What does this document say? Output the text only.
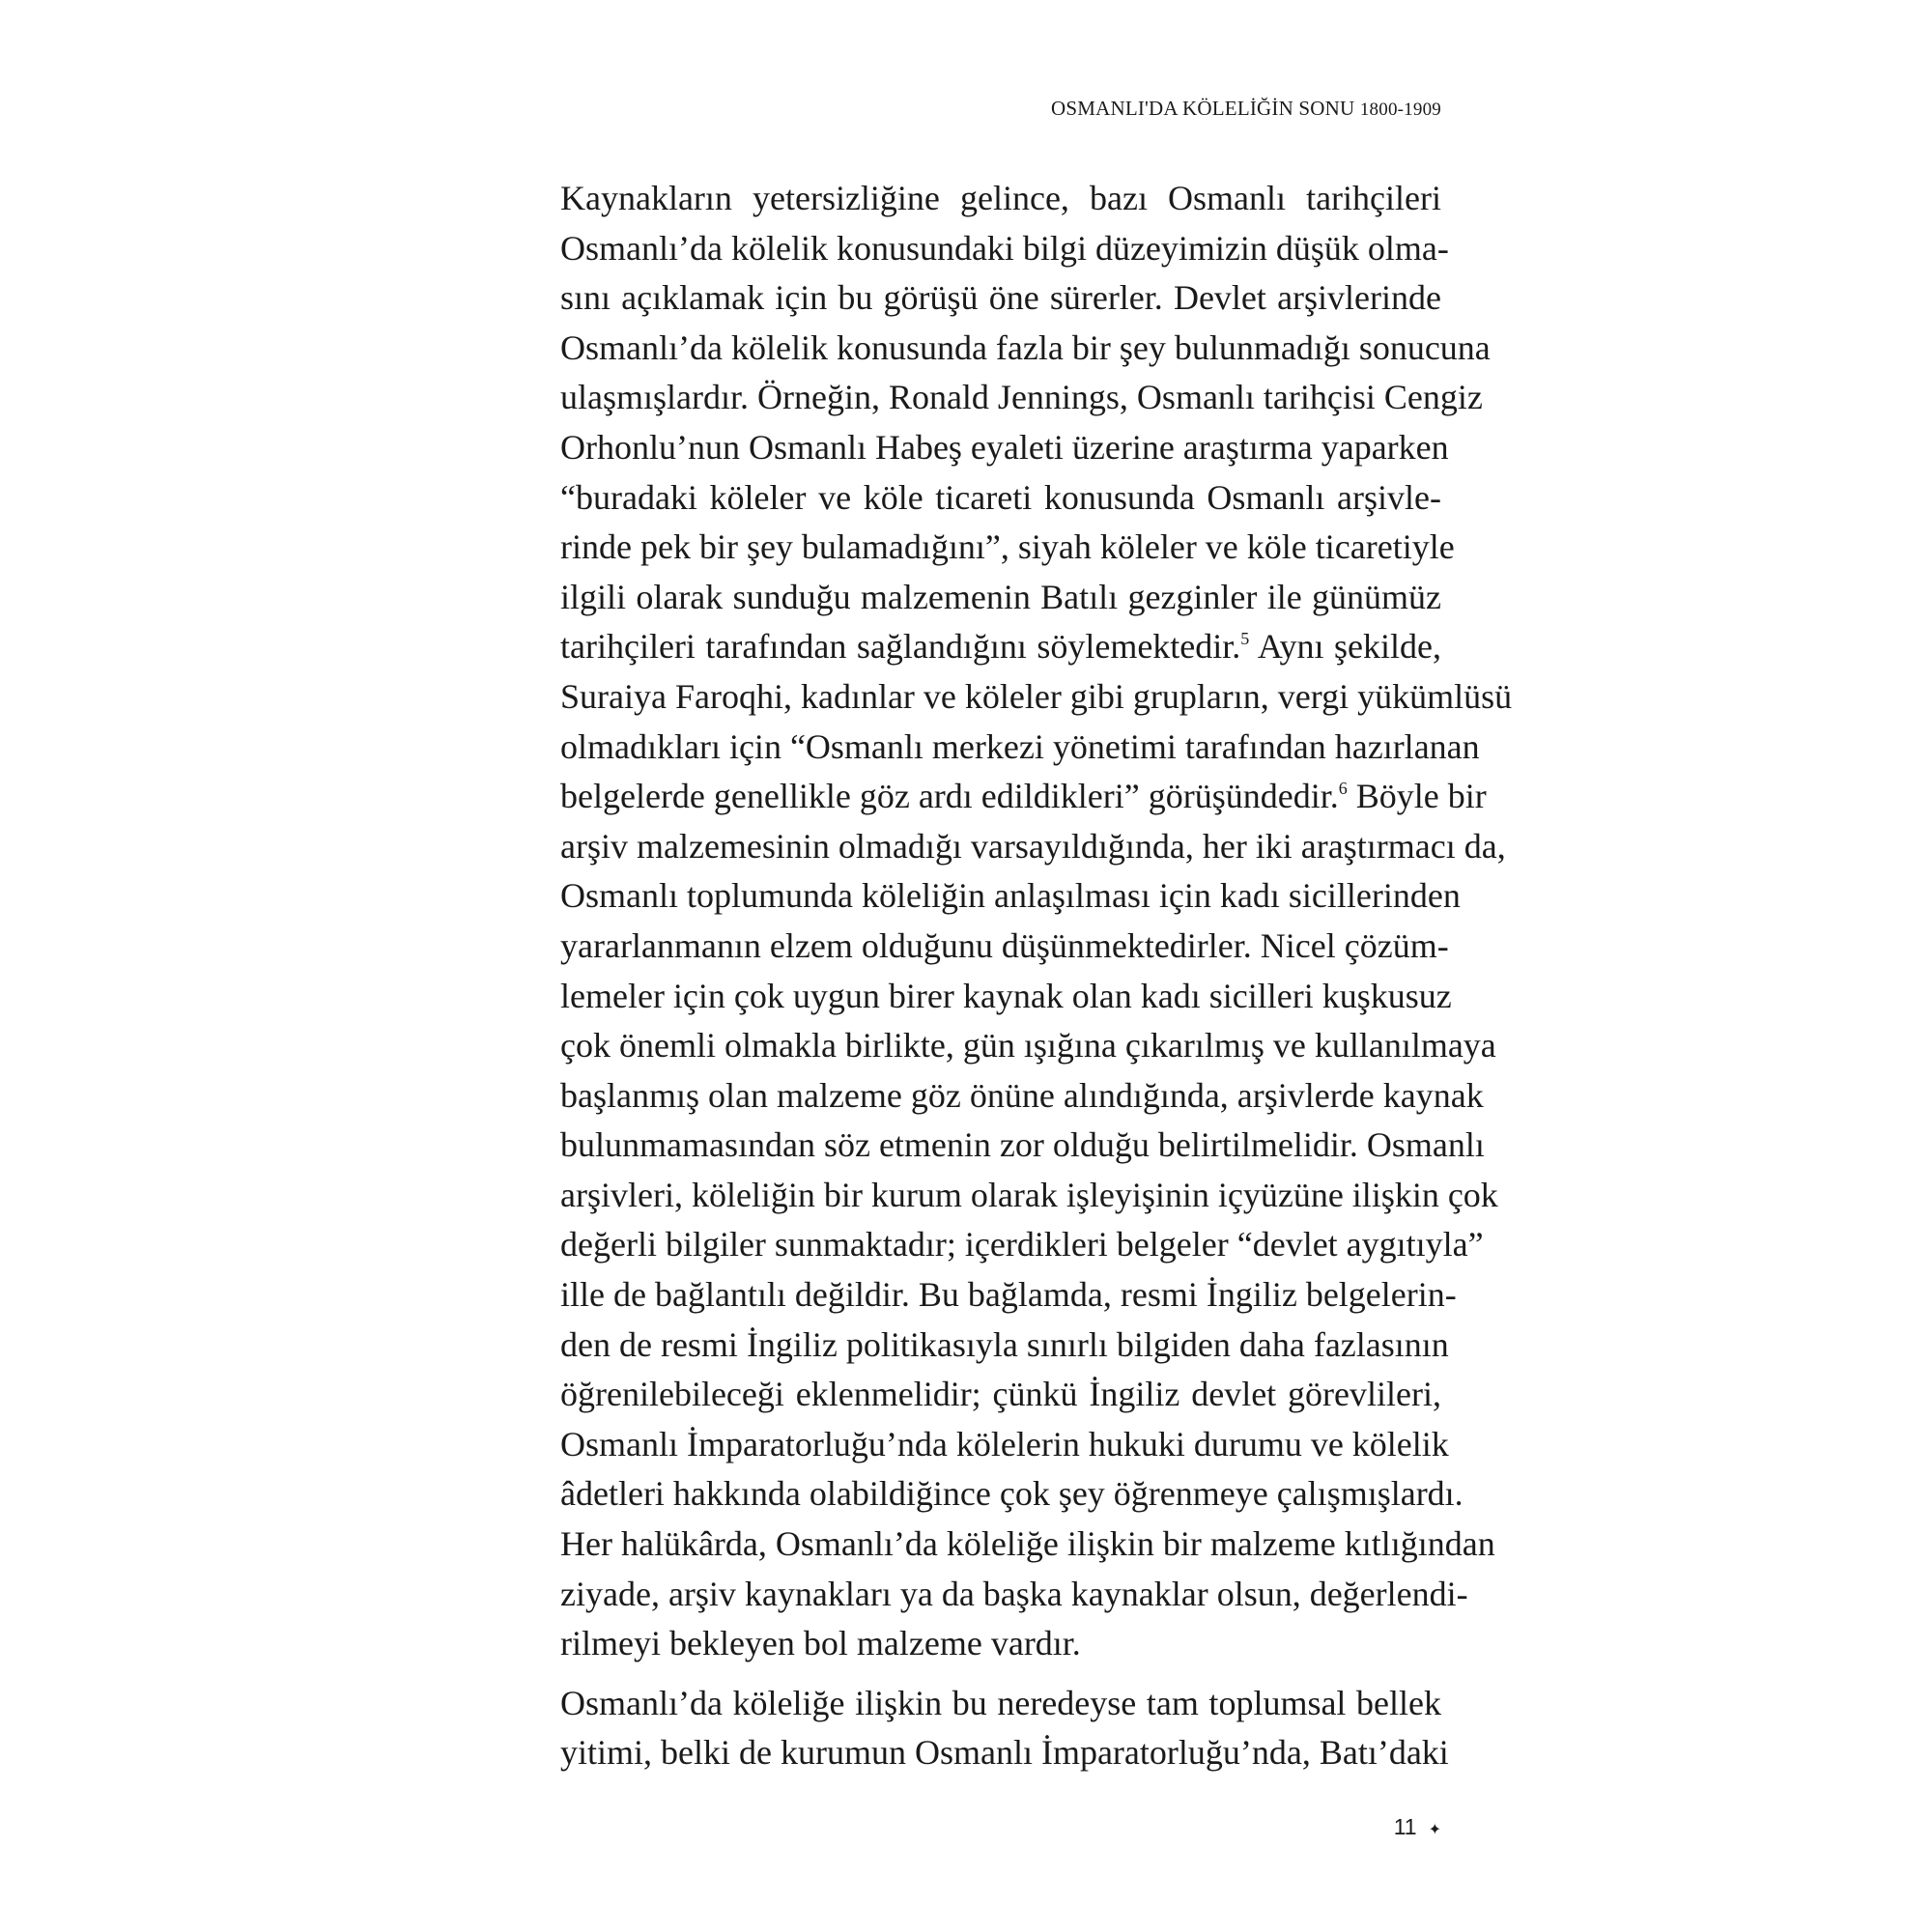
OSMANLI'DA KÖLELİĞİN SONU 1800-1909

Kaynakların yetersizliğine gelince, bazı Osmanlı tarihçileri
Osmanlı’da kölelik konusundaki bilgi düzeyimizin düşük olma-
sını açıklamak için bu görüşü öne sürerler. Devlet arşivlerinde
Osmanlı’da kölelik konusunda fazla bir şey bulunmadığı sonucuna
ulaşmışlardır. Örneğin, Ronald Jennings, Osmanlı tarihçisi Cengiz
Orhonlu’nun Osmanlı Habeş eyaleti üzerine araştırma yaparken
“buradaki köleler ve köle ticareti konusunda Osmanlı arşivle-
rinde pek bir şey bulamadığını”, siyah köleler ve köle ticaretiyle
ilgili olarak sunduğu malzemenin Batılı gezginler ile günümüz
tarihçileri tarafından sağlandığını söylemektedir.$^5$ Aynı şekilde,
Suraiya Faroqhi, kadınlar ve köleler gibi grupların, vergi yükümlüsü
olmadıkları için “Osmanlı merkezi yönetimi tarafından hazırlanan
belgelerde genellikle göz ardı edildikleri” görüşündedir.$^6$ Böyle bir
arşiv malzemesinin olmadığı varsayıldığında, her iki araştırmacı da,
Osmanlı toplumunda köleliğin anlaşılması için kadı sicillerinden
yararlanmanın elzem olduğunu düşünmektedirler. Nicel çözüm-
lemeler için çok uygun birer kaynak olan kadı sicilleri kuşkusuz
çok önemli olmakla birlikte, gün ışığına çıkarılmış ve kullanılmaya
başlanmış olan malzeme göz önüne alındığında, arşivlerde kaynak
bulunmamasından söz etmenin zor olduğu belirtilmelidir. Osmanlı
arşivleri, köleliğin bir kurum olarak işleyişinin içyüzüne ilişkin çok
değerli bilgiler sunmaktadır; içerdikleri belgeler “devlet aygıtıyla”
ille de bağlantılı değildir. Bu bağlamda, resmi İngiliz belgelerin-
den de resmi İngiliz politikasıyla sınırlı bilgiden daha fazlasının
öğrenilebileceği eklenmelidir; çünkü İngiliz devlet görevlileri,
Osmanlı İmparatorluğu’nda kölelerin hukuki durumu ve kölelik
âdetleri hakkında olabildiğince çok şey öğrenmeye çalışmışlardı.
Her halükârda, Osmanlı’da köleliğe ilişkin bir malzeme kıtlığından
ziyade, arşiv kaynakları ya da başka kaynaklar olsun, değerlendi-
rilmeyi bekleyen bol malzeme vardır.

Osmanlı’da köleliğe ilişkin bu neredeyse tam toplumsal bellek
yitimi, belki de kurumun Osmanlı İmparatorluğu’nda, Batı’daki

11 ✦
